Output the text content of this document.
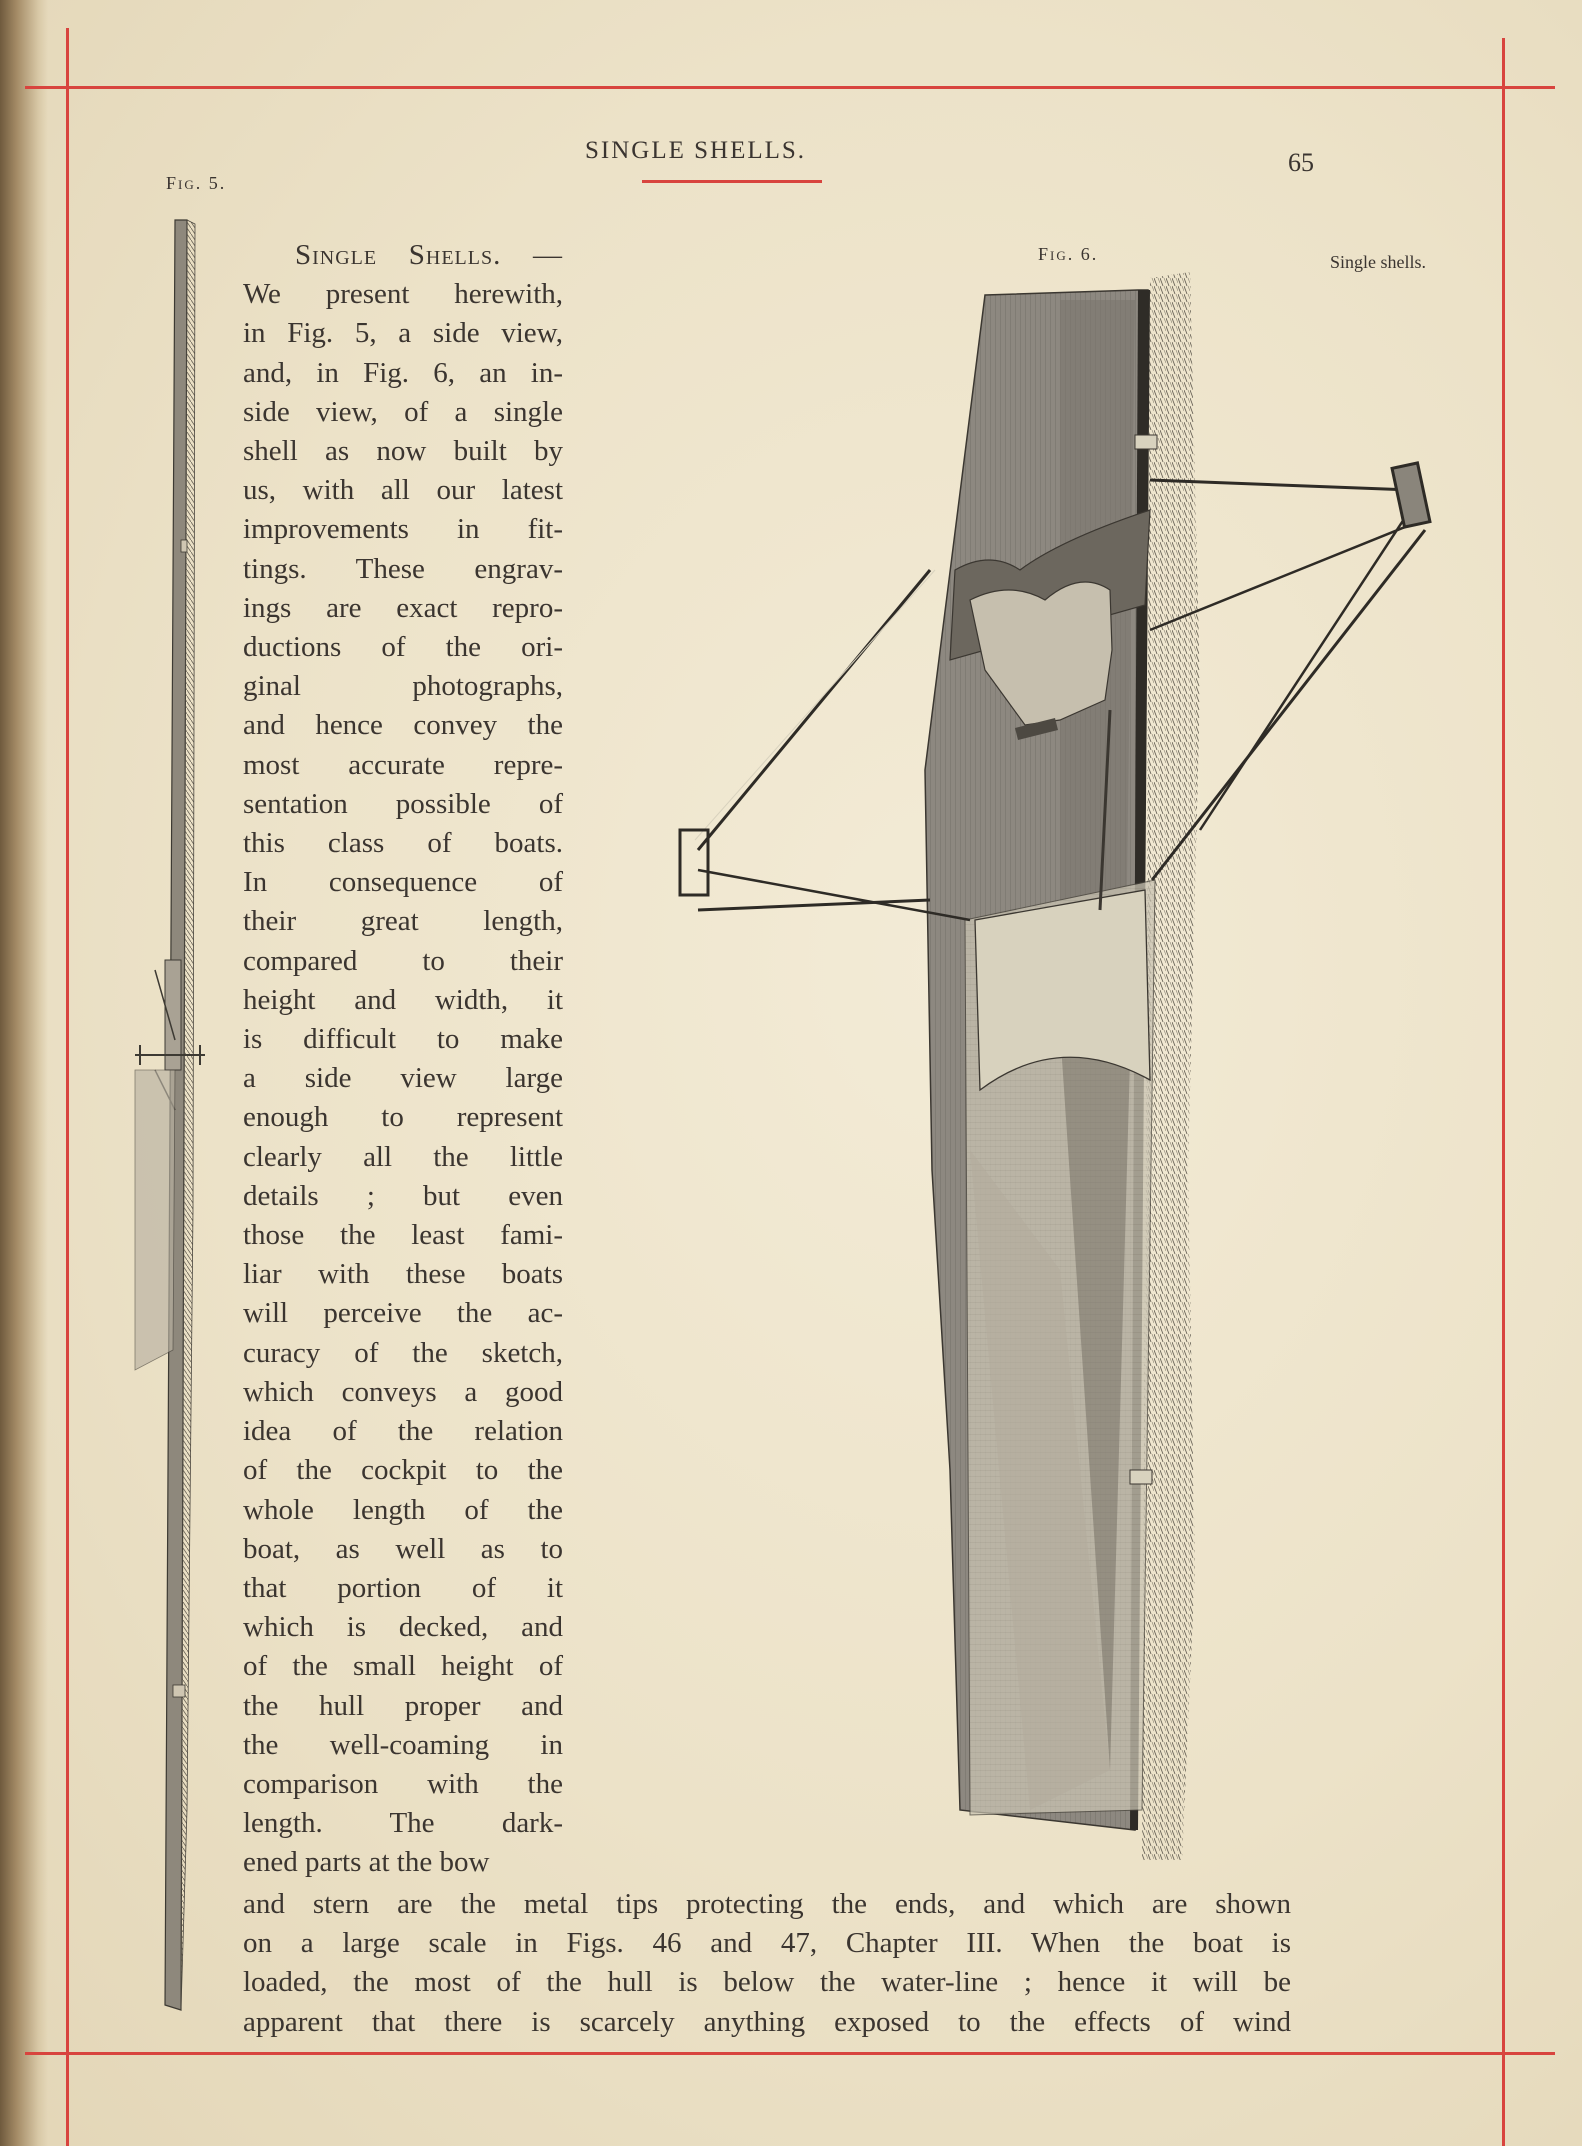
SINGLE SHELLS.	65
Fig. 5.
Fig. 6.	Single shells.
Single Shells. —
We present herewith,
in Fig. 5, a side view,
and, in Fig. 6, an in-
side view, of a single
shell as now built by
us, with all our latest
improvements in fit-
tings. These engrav-
ings are exact repro-
ductions of the ori-
ginal photographs,
and hence convey the
most accurate repre-
sentation possible of
this class of boats.
In consequence of
their great length,
compared to their
height and width, it
is difficult to make
a side view large
enough to represent
clearly all the little
details ; but even
those the least fami-
liar with these boats
will perceive the ac-
curacy of the sketch,
which conveys a good
idea of the relation
of the cockpit to the
whole length of the
boat, as well as to
that portion of it
which is decked, and
of the small height of
the hull proper and
the well-coaming in
comparison with the
length. The dark-
ened parts at the bow
and stern are the metal tips protecting the ends, and which are shown
on a large scale in Figs. 46 and 47, Chapter III. When the boat is
loaded, the most of the hull is below the water-line ; hence it will be
apparent that there is scarcely anything exposed to the effects of wind
